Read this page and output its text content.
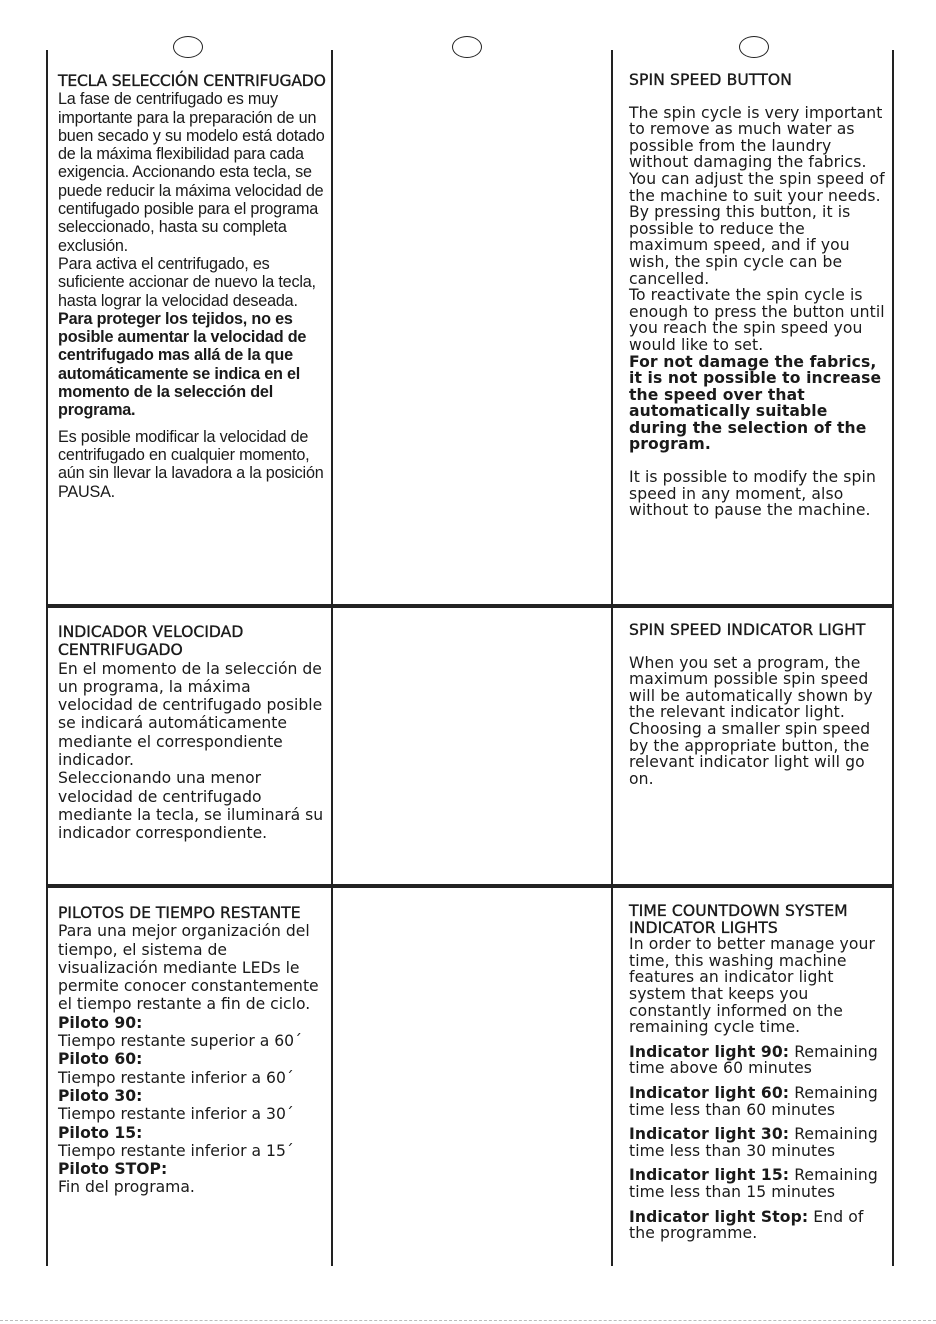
TECLA SELECCIÓN CENTRIFUGADO

La fase de centrifugado es muy importante para la preparación de un buen secado y su modelo está dotado de la máxima flexibilidad para cada exigencia. Accionando esta tecla, se puede reducir la máxima velocidad de centifugado posible para el programa seleccionado, hasta su completa exclusión.

Para activa el centrifugado, es suficiente accionar de nuevo la tecla, hasta lograr la velocidad deseada.

Para proteger los tejidos, no es posible aumentar la velocidad de centrifugado mas allá de la que automáticamente se indica en el momento de la selección del programa.

Es posible modificar la velocidad de centrifugado en cualquier momento, aún sin llevar la lavadora a la posición PAUSA.

SPIN SPEED BUTTON

The spin cycle is very important to remove as much water as possible from the laundry without damaging the fabrics. You can adjust the spin speed of the machine to suit your needs.

By pressing this button, it is possible to reduce the maximum speed, and if you wish, the spin cycle can be cancelled.

To reactivate the spin cycle is enough to press the button until you reach the spin speed you would like to set.

For not damage the fabrics, it is not possible to increase the speed over that automatically suitable during the selection of the program.

It is possible to modify the spin speed in any moment, also without to pause the machine.

INDICADOR VELOCIDAD CENTRIFUGADO

En el momento de la selección de un programa, la máxima velocidad de centrifugado posible se indicará automáticamente mediante el correspondiente indicador.

Seleccionando una menor velocidad de centrifugado mediante la tecla, se iluminará su indicador correspondiente.

SPIN SPEED INDICATOR LIGHT

When you set a program, the maximum possible spin speed will be automatically shown by the relevant indicator light.

Choosing a smaller spin speed by the appropriate button, the relevant indicator light will go on.

PILOTOS DE TIEMPO RESTANTE

Para una mejor organización del tiempo, el sistema de visualización mediante LEDs le permite conocer constantemente el tiempo restante a fin de ciclo.

Piloto 90:

Tiempo restante superior a 60´

Piloto 60:

Tiempo restante inferior a 60´

Piloto 30:

Tiempo restante inferior a 30´

Piloto 15:

Tiempo restante inferior a 15´

Piloto STOP:

Fin del programa.

TIME COUNTDOWN SYSTEM INDICATOR LIGHTS

In order to better manage your time, this washing machine features an indicator light system that keeps you constantly informed on the remaining cycle time.

Indicator light 90: Remaining time above 60 minutes

Indicator light 60: Remaining time less than 60 minutes

Indicator light 30: Remaining time less than 30 minutes

Indicator light 15: Remaining time less than 15 minutes

Indicator light Stop: End of the programme.
